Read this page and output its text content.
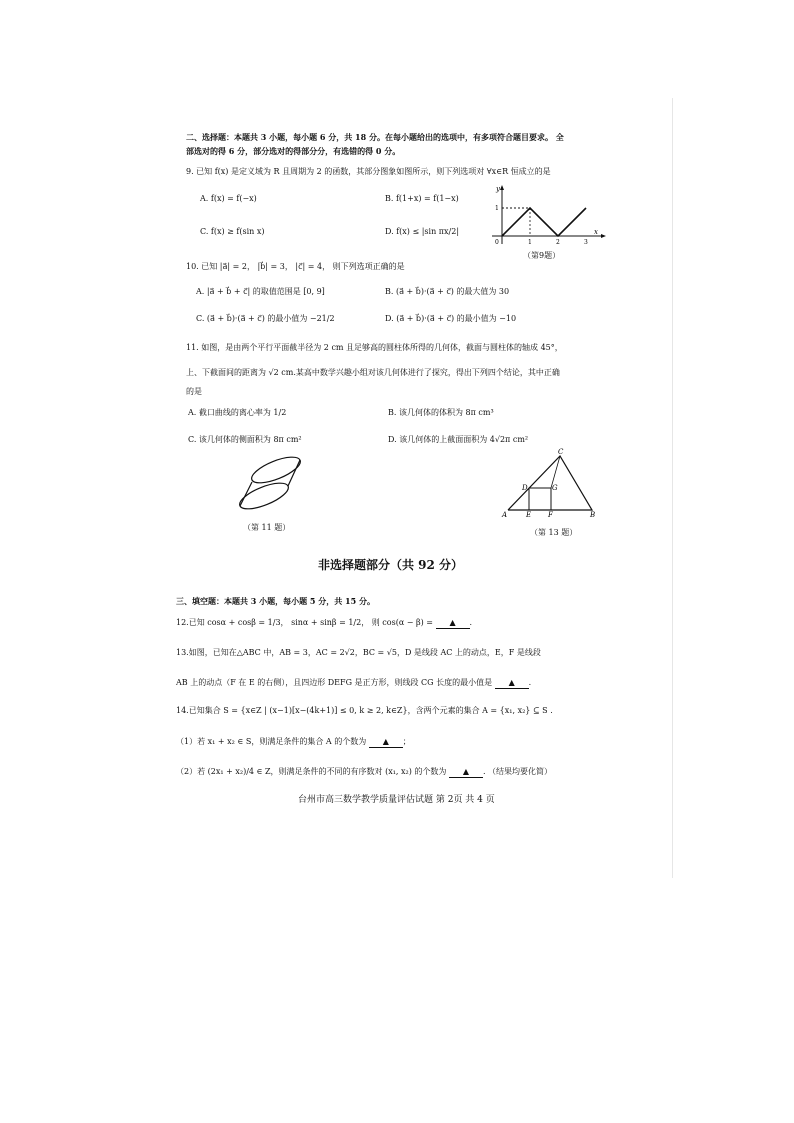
二、选择题：本题共 3 小题，每小题 6 分，共 18 分。在每小题给出的选项中，有多项符合题目要求。 全
部选对的得 6 分，部分选对的得部分分，有选错的得 0 分。
9. 已知 f(x) 是定义域为 R 且周期为 2 的函数，其部分图象如图所示，则下列选项对 ∀x∈R 恒成立的是
A. f(x) = f(−x)	B. f(1+x) = f(1−x)
C. f(x) ≥ f(sin x)	D. f(x) ≤ |sin πx/2|
y
x
0	1	2	3
1
（第9题）
10. 已知 |a⃗| = 2， |b⃗| = 3， |c⃗| = 4， 则下列选项正确的是
A. |a⃗ + b⃗ + c⃗| 的取值范围是 [0, 9]	B. (a⃗ + b⃗)·(a⃗ + c⃗) 的最大值为 30
C. (a⃗ + b⃗)·(a⃗ + c⃗) 的最小值为 −21/2	D. (a⃗ + b⃗)·(a⃗ + c⃗) 的最小值为 −10
11. 如图，是由两个平行平面截半径为 2 cm 且足够高的圆柱体所得的几何体，截面与圆柱体的轴成 45°，
上、下截面间的距离为 √2 cm.某高中数学兴趣小组对该几何体进行了探究，得出下列四个结论，其中正确
的是
A. 截口曲线的离心率为 1/2	B. 该几何体的体积为 8π cm³
C. 该几何体的侧面积为 8π cm²	D. 该几何体的上截面面积为 4√2π cm²
（第 11 题）
C
D	G
A	E F	B
（第 13 题）
非选择题部分（共 92 分）
三、填空题：本题共 3 小题，每小题 5 分，共 15 分。
12.已知 cosα + cosβ = 1/3， sinα + sinβ = 1/2， 则 cos(α − β) = ▲ .
13.如图，已知在△ABC 中，AB = 3，AC = 2√2，BC = √5，D 是线段 AC 上的动点，E，F 是线段
AB 上的动点（F 在 E 的右侧），且四边形 DEFG 是正方形，则线段 CG 长度的最小值是 ▲ .
14.已知集合 S = {x∈Z | (x−1)[x−(4k+1)] ≤ 0, k ≥ 2, k∈Z}，含两个元素的集合 A = {x₁, x₂} ⊆ S .
（1）若 x₁ + x₂ ∈ S，则满足条件的集合 A 的个数为 ▲ ；
（2）若 (2x₁ + x₂)/4 ∈ Z，则满足条件的不同的有序数对 (x₁, x₂) 的个数为 ▲ . （结果均要化简）
台州市高三数学教学质量评估试题 第 2页 共 4 页
